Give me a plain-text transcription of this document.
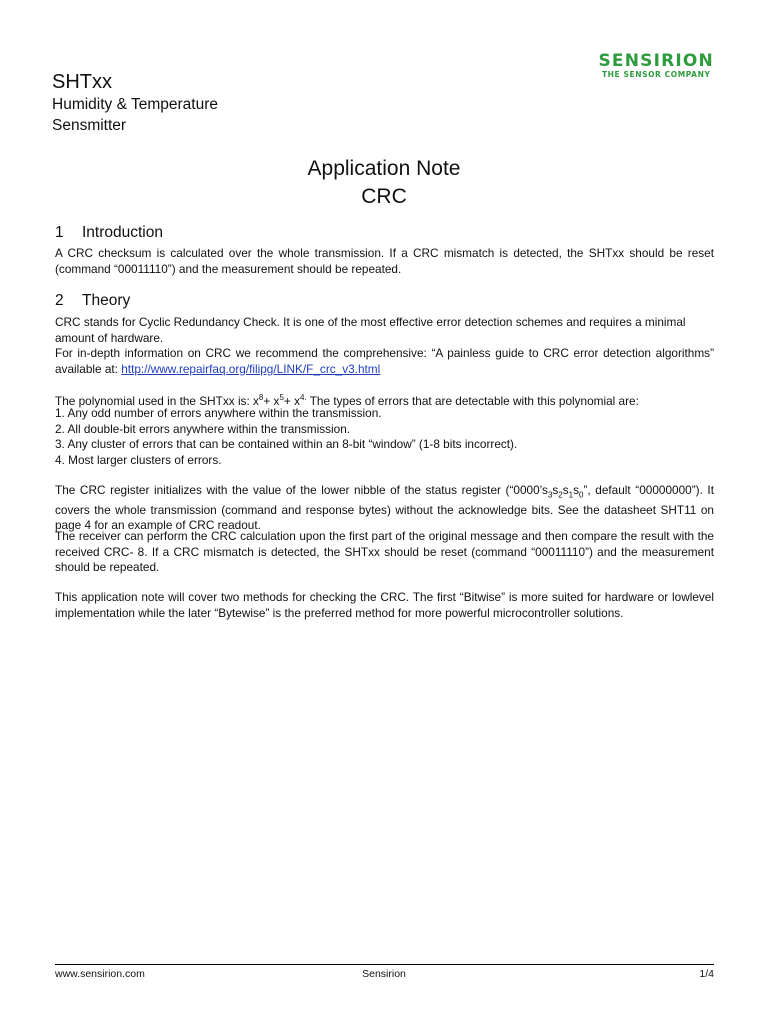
SENSIRION
THE SENSOR COMPANY
SHTxx
Humidity & Temperature
Sensmitter
Application Note
CRC
1 Introduction
A CRC checksum is calculated over the whole transmission. If a CRC mismatch is detected, the SHTxx should be reset (command “00011110”) and the measurement should be repeated.
2 Theory
CRC stands for Cyclic Redundancy Check. It is one of the most effective error detection schemes and requires a minimal amount of hardware.
For in-depth information on CRC we recommend the comprehensive: “A painless guide to CRC error detection algorithms” available at: http://www.repairfaq.org/filipg/LINK/F_crc_v3.html
The polynomial used in the SHTxx is: $x^8+ x^5+ x^{4.}$ The types of errors that are detectable with this polynomial are:

1. Any odd number of errors anywhere within the transmission.

2. All double-bit errors anywhere within the transmission.

3. Any cluster of errors that can be contained within an 8-bit “window” (1-8 bits incorrect).

4. Most larger clusters of errors.

The CRC register initializes with the value of the lower nibble of the status register (“$0000’s_3s_2s_1s_0$”, default “00000000”). It covers the whole transmission (command and response bytes) without the acknowledge bits. See the datasheet SHT11 on page 4 for an example of CRC readout.
The receiver can perform the CRC calculation upon the first part of the original message and then compare the result with the received CRC- 8. If a CRC mismatch is detected, the SHTxx should be reset (command “00011110”) and the measurement should be repeated.
This application note will cover two methods for checking the CRC. The first “Bitwise” is more suited for hardware or lowlevel implementation while the later “Bytewise” is the preferred method for more powerful microcontroller solutions.
www.sensirion.com	Sensirion	1/4
